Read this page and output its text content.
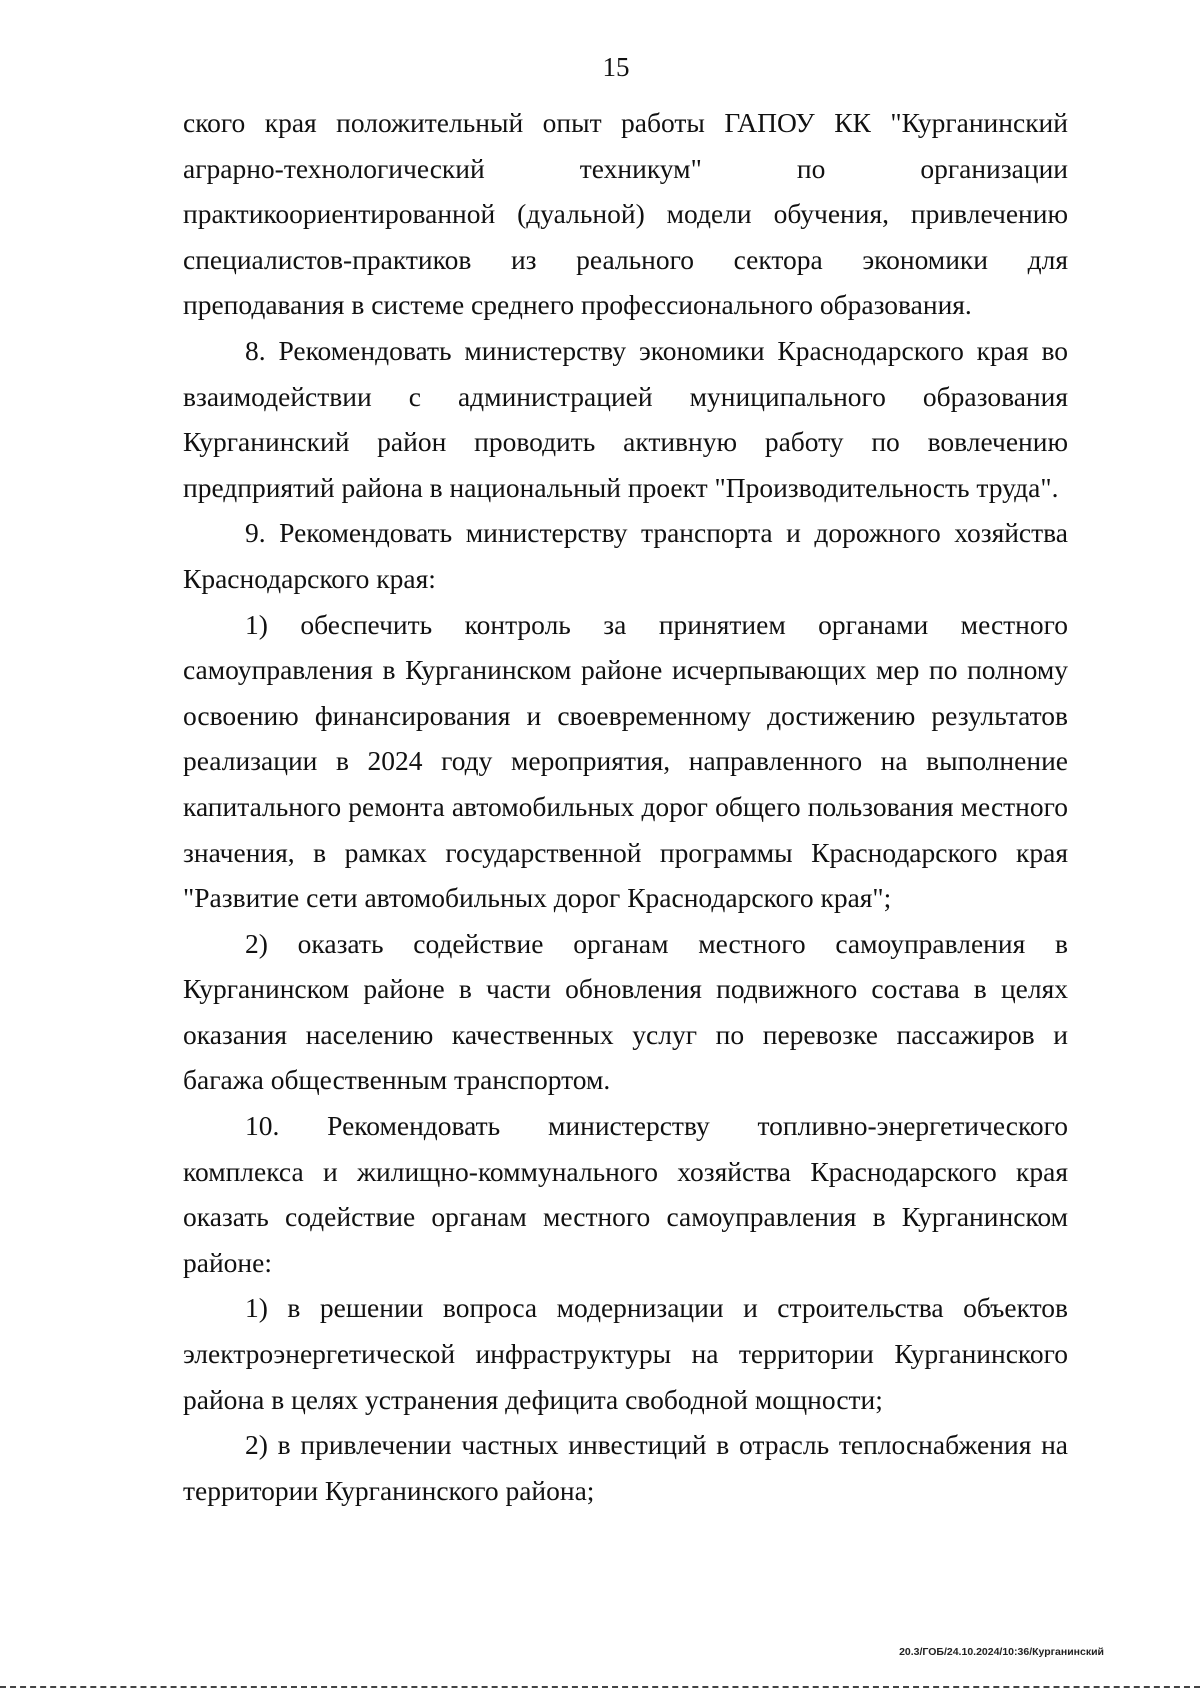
15

ского края положительный опыт работы ГАПОУ КК "Курганинский аграрно-технологический техникум" по организации практикоориентированной (дуальной) модели обучения, привлечению специалистов-практиков из реального сектора экономики для преподавания в системе среднего профессионального образования.

8. Рекомендовать министерству экономики Краснодарского края во взаимодействии с администрацией муниципального образования Курганинский район проводить активную работу по вовлечению предприятий района в национальный проект "Производительность труда".

9. Рекомендовать министерству транспорта и дорожного хозяйства Краснодарского края:

1) обеспечить контроль за принятием органами местного самоуправления в Курганинском районе исчерпывающих мер по полному освоению финансирования и своевременному достижению результатов реализации в 2024 году мероприятия, направленного на выполнение капитального ремонта автомобильных дорог общего пользования местного значения, в рамках государственной программы Краснодарского края "Развитие сети автомобильных дорог Краснодарского края";

2) оказать содействие органам местного самоуправления в Курганинском районе в части обновления подвижного состава в целях оказания населению качественных услуг по перевозке пассажиров и багажа общественным транспортом.

10. Рекомендовать министерству топливно-энергетического комплекса и жилищно-коммунального хозяйства Краснодарского края оказать содействие органам местного самоуправления в Курганинском районе:

1) в решении вопроса модернизации и строительства объектов электроэнергетической инфраструктуры на территории Курганинского района в целях устранения дефицита свободной мощности;

2) в привлечении частных инвестиций в отрасль теплоснабжения на территории Курганинского района;

20.3/ГОБ/24.10.2024/10:36/Курганинский
